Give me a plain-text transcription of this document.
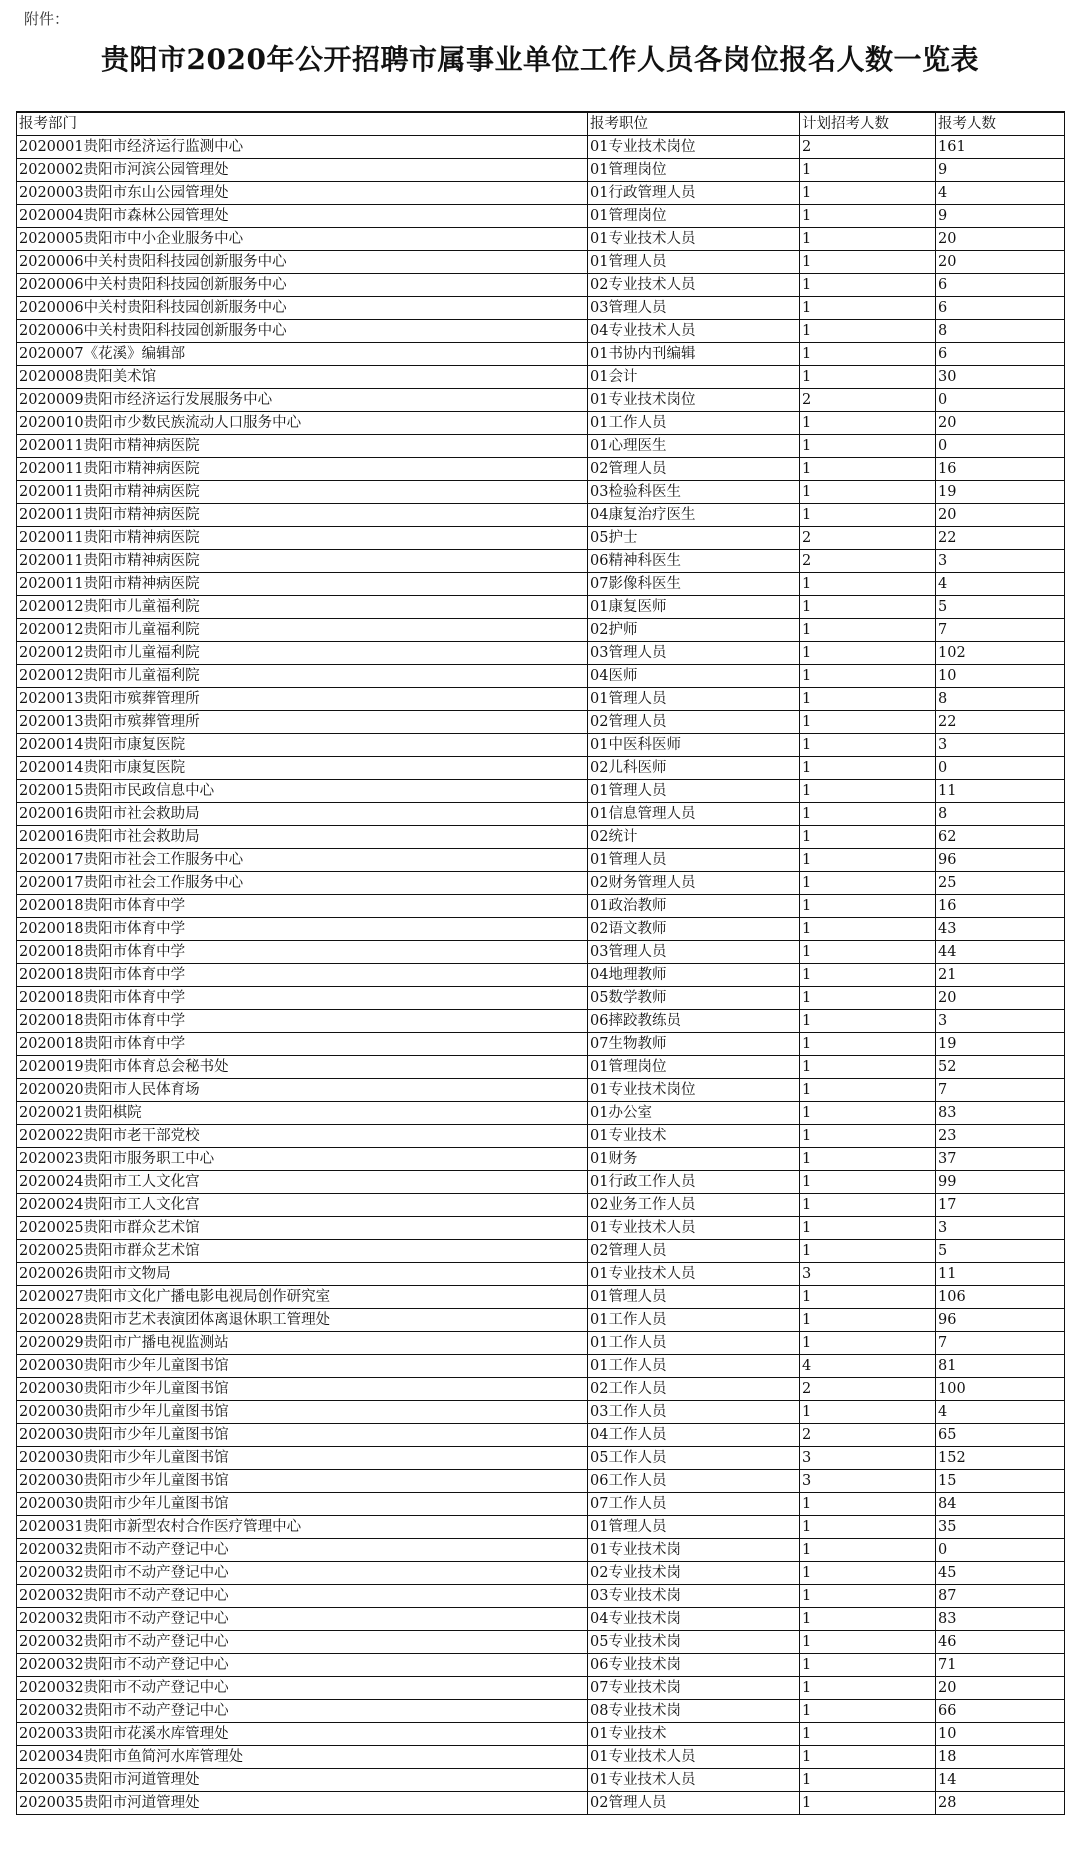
附件：
贵阳市2020年公开招聘市属事业单位工作人员各岗位报名人数一览表
报考部门	报考职位	计划招考人数	报考人数
2020001贵阳市经济运行监测中心	01专业技术岗位	2	161
2020002贵阳市河滨公园管理处	01管理岗位	1	9
2020003贵阳市东山公园管理处	01行政管理人员	1	4
2020004贵阳市森林公园管理处	01管理岗位	1	9
2020005贵阳市中小企业服务中心	01专业技术人员	1	20
2020006中关村贵阳科技园创新服务中心	01管理人员	1	20
2020006中关村贵阳科技园创新服务中心	02专业技术人员	1	6
2020006中关村贵阳科技园创新服务中心	03管理人员	1	6
2020006中关村贵阳科技园创新服务中心	04专业技术人员	1	8
2020007《花溪》编辑部	01书协内刊编辑	1	6
2020008贵阳美术馆	01会计	1	30
2020009贵阳市经济运行发展服务中心	01专业技术岗位	2	0
2020010贵阳市少数民族流动人口服务中心	01工作人员	1	20
2020011贵阳市精神病医院	01心理医生	1	0
2020011贵阳市精神病医院	02管理人员	1	16
2020011贵阳市精神病医院	03检验科医生	1	19
2020011贵阳市精神病医院	04康复治疗医生	1	20
2020011贵阳市精神病医院	05护士	2	22
2020011贵阳市精神病医院	06精神科医生	2	3
2020011贵阳市精神病医院	07影像科医生	1	4
2020012贵阳市儿童福利院	01康复医师	1	5
2020012贵阳市儿童福利院	02护师	1	7
2020012贵阳市儿童福利院	03管理人员	1	102
2020012贵阳市儿童福利院	04医师	1	10
2020013贵阳市殡葬管理所	01管理人员	1	8
2020013贵阳市殡葬管理所	02管理人员	1	22
2020014贵阳市康复医院	01中医科医师	1	3
2020014贵阳市康复医院	02儿科医师	1	0
2020015贵阳市民政信息中心	01管理人员	1	11
2020016贵阳市社会救助局	01信息管理人员	1	8
2020016贵阳市社会救助局	02统计	1	62
2020017贵阳市社会工作服务中心	01管理人员	1	96
2020017贵阳市社会工作服务中心	02财务管理人员	1	25
2020018贵阳市体育中学	01政治教师	1	16
2020018贵阳市体育中学	02语文教师	1	43
2020018贵阳市体育中学	03管理人员	1	44
2020018贵阳市体育中学	04地理教师	1	21
2020018贵阳市体育中学	05数学教师	1	20
2020018贵阳市体育中学	06摔跤教练员	1	3
2020018贵阳市体育中学	07生物教师	1	19
2020019贵阳市体育总会秘书处	01管理岗位	1	52
2020020贵阳市人民体育场	01专业技术岗位	1	7
2020021贵阳棋院	01办公室	1	83
2020022贵阳市老干部党校	01专业技术	1	23
2020023贵阳市服务职工中心	01财务	1	37
2020024贵阳市工人文化宫	01行政工作人员	1	99
2020024贵阳市工人文化宫	02业务工作人员	1	17
2020025贵阳市群众艺术馆	01专业技术人员	1	3
2020025贵阳市群众艺术馆	02管理人员	1	5
2020026贵阳市文物局	01专业技术人员	3	11
2020027贵阳市文化广播电影电视局创作研究室	01管理人员	1	106
2020028贵阳市艺术表演团体离退休职工管理处	01工作人员	1	96
2020029贵阳市广播电视监测站	01工作人员	1	7
2020030贵阳市少年儿童图书馆	01工作人员	4	81
2020030贵阳市少年儿童图书馆	02工作人员	2	100
2020030贵阳市少年儿童图书馆	03工作人员	1	4
2020030贵阳市少年儿童图书馆	04工作人员	2	65
2020030贵阳市少年儿童图书馆	05工作人员	3	152
2020030贵阳市少年儿童图书馆	06工作人员	3	15
2020030贵阳市少年儿童图书馆	07工作人员	1	84
2020031贵阳市新型农村合作医疗管理中心	01管理人员	1	35
2020032贵阳市不动产登记中心	01专业技术岗	1	0
2020032贵阳市不动产登记中心	02专业技术岗	1	45
2020032贵阳市不动产登记中心	03专业技术岗	1	87
2020032贵阳市不动产登记中心	04专业技术岗	1	83
2020032贵阳市不动产登记中心	05专业技术岗	1	46
2020032贵阳市不动产登记中心	06专业技术岗	1	71
2020032贵阳市不动产登记中心	07专业技术岗	1	20
2020032贵阳市不动产登记中心	08专业技术岗	1	66
2020033贵阳市花溪水库管理处	01专业技术	1	10
2020034贵阳市鱼简河水库管理处	01专业技术人员	1	18
2020035贵阳市河道管理处	01专业技术人员	1	14
2020035贵阳市河道管理处	02管理人员	1	28
